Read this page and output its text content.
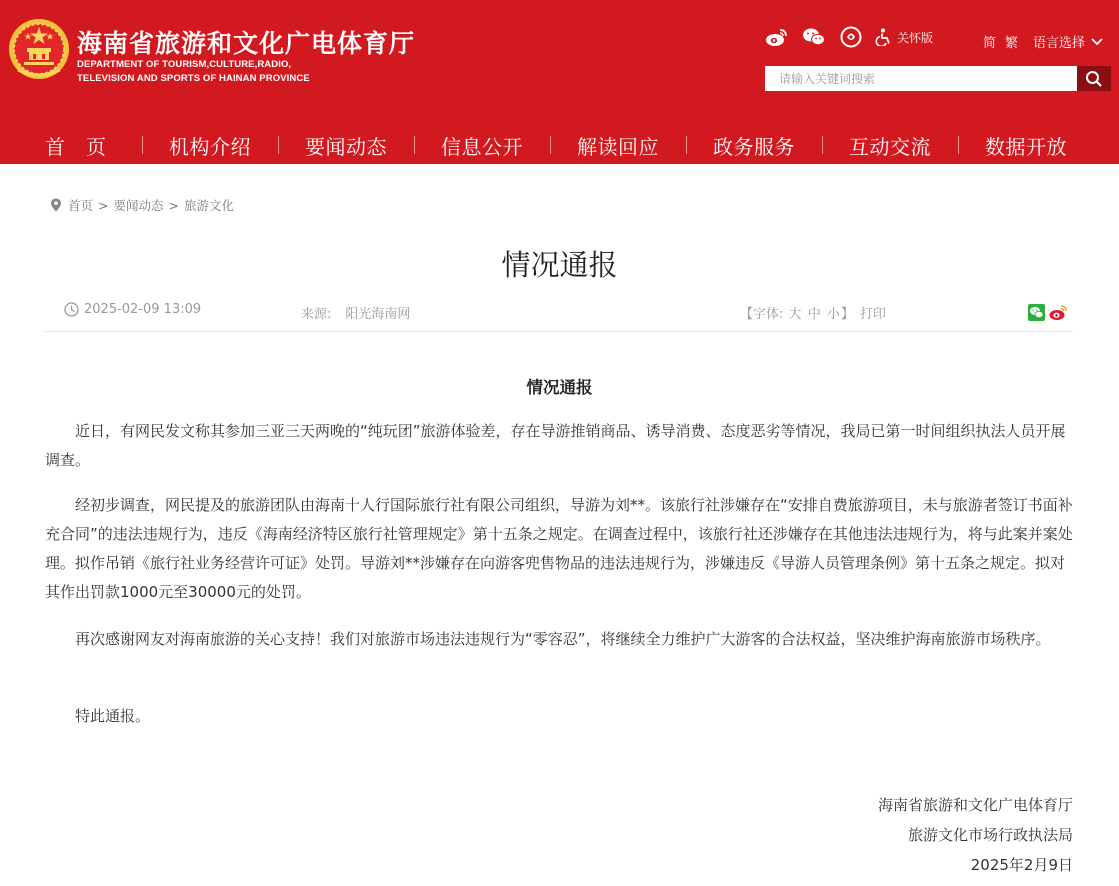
海南省旅游和文化广电体育厅
DEPARTMENT OF TOURISM,CULTURE,RADIO,
TELEVISION AND SPORTS OF HAINAN PROVINCE
关怀版	简 繁 语言选择
请输入关键词搜索
首　页	机构介绍	要闻动态	信息公开	解读回应	政务服务	互动交流	数据开放
首页 > 要闻动态 > 旅游文化
情况通报
2025-02-09 13:09	来源: 阳光海南网	【字体: 大 中 小】 打印
情况通报

近日，有网民发文称其参加三亚三天两晚的“纯玩团”旅游体验差，存在导游推销商品、诱导消费、态度恶劣等情况，我局已第一时间组织执法人员开展调查。

经初步调查，网民提及的旅游团队由海南十人行国际旅行社有限公司组织，导游为刘**。该旅行社涉嫌存在“安排自费旅游项目，未与旅游者签订书面补充合同”的违法违规行为，违反《海南经济特区旅行社管理规定》第十五条之规定。在调查过程中，该旅行社还涉嫌存在其他违法违规行为，将与此案并案处理。拟作吊销《旅行社业务经营许可证》处罚。导游刘**涉嫌存在向游客兜售物品的违法违规行为，涉嫌违反《导游人员管理条例》第十五条之规定。拟对其作出罚款1000元至30000元的处罚。

再次感谢网友对海南旅游的关心支持！我们对旅游市场违法违规行为“零容忍”，将继续全力维护广大游客的合法权益，坚决维护海南旅游市场秩序。

特此通报。

海南省旅游和文化广电体育厅
旅游文化市场行政执法局
2025年2月9日
